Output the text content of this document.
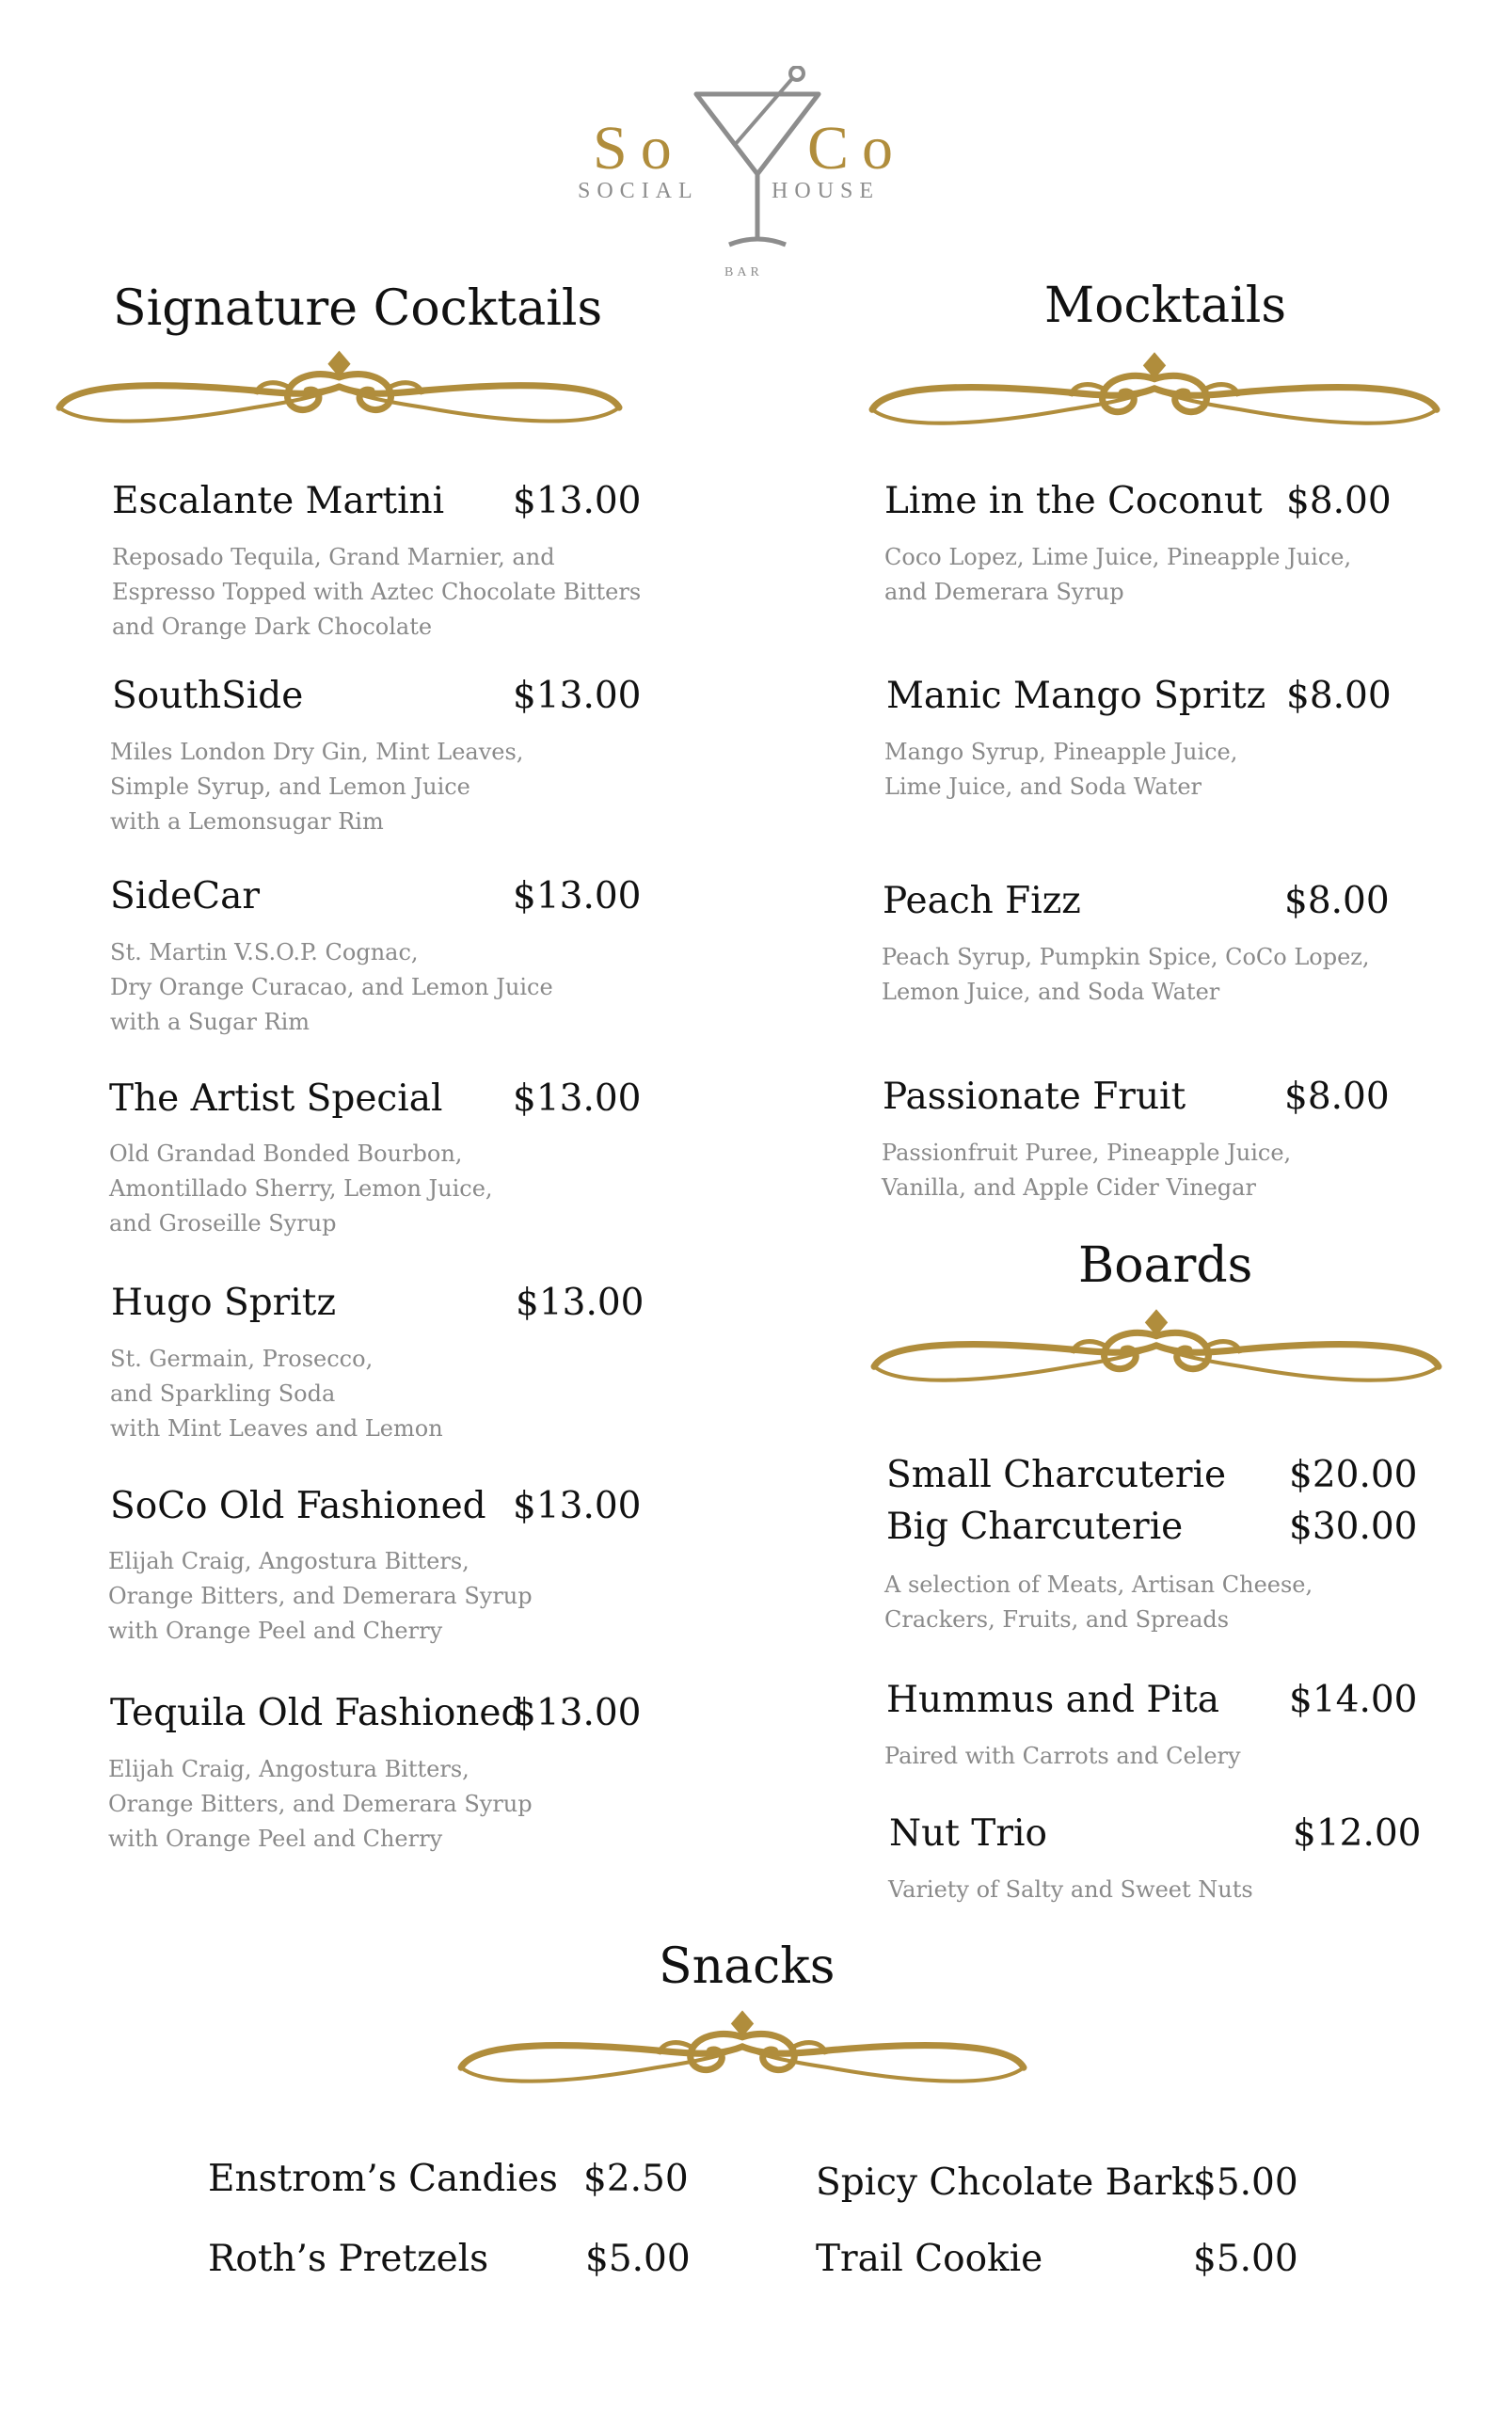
So Co
SOCIAL	HOUSE
BAR
Signature Cocktails
Escalante Martini $13.00
Reposado Tequila, Grand Marnier, and
Espresso Topped with Aztec Chocolate Bitters
and Orange Dark Chocolate
SouthSide	$13.00
Miles London Dry Gin, Mint Leaves,
Simple Syrup, and Lemon Juice
with a Lemonsugar Rim
SideCar	$13.00
St. Martin V.S.O.P. Cognac,
Dry Orange Curacao, and Lemon Juice
with a Sugar Rim
The Artist Special $13.00
Old Grandad Bonded Bourbon,
Amontillado Sherry, Lemon Juice,
and Groseille Syrup
Hugo Spritz	$13.00
St. Germain, Prosecco,
and Sparkling Soda
with Mint Leaves and Lemon
SoCo Old Fashioned $13.00
Elijah Craig, Angostura Bitters,
Orange Bitters, and Demerara Syrup
with Orange Peel and Cherry
Tequila Old Fashioned
$13.00
Elijah Craig, Angostura Bitters,
Orange Bitters, and Demerara Syrup
with Orange Peel and Cherry
Mocktails
Lime in the Coconut $8.00
Coco Lopez, Lime Juice, Pineapple Juice,
and Demerara Syrup
Manic Mango Spritz $8.00
Mango Syrup, Pineapple Juice,
Lime Juice, and Soda Water
Peach Fizz	$8.00
Peach Syrup, Pumpkin Spice, CoCo Lopez,
Lemon Juice, and Soda Water
Passionate Fruit	$8.00
Passionfruit Puree, Pineapple Juice,
Vanilla, and Apple Cider Vinegar
Boards
Small Charcuterie $20.00
Big Charcuterie	$30.00
A selection of Meats, Artisan Cheese,
Crackers, Fruits, and Spreads
Hummus and Pita $14.00
Paired with Carrots and Celery
Nut Trio	$12.00
Variety of Salty and Sweet Nuts
Snacks
Enstrom’s Candies $2.50
Roth’s Pretzels	$5.00
Spicy Chcolate Bark $5.00
Trail Cookie	$5.00
